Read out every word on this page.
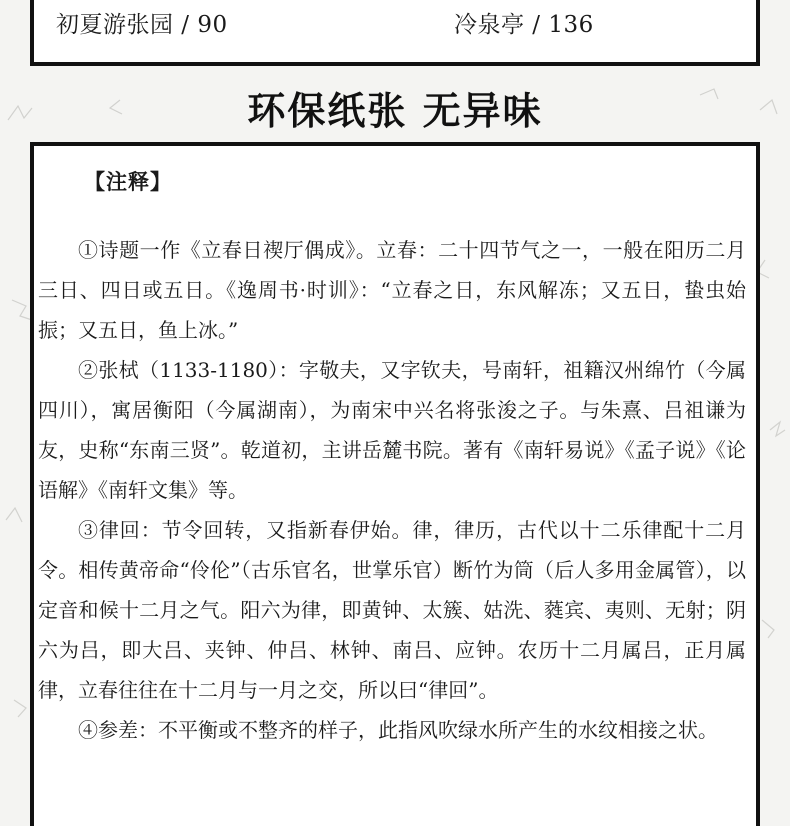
初夏游张园 / 90	冷泉亭 / 136
环保纸张 无异味
【注释】

①诗题一作《立春日禊厅偶成》。立春：二十四节气之一，一般在阳历二月三日、四日或五日。《逸周书·时训》：“立春之日，东风解冻；又五日，蛰虫始振；又五日，鱼上冰。”

②张栻（1133-1180）：字敬夫，又字钦夫，号南轩，祖籍汉州绵竹（今属四川），寓居衡阳（今属湖南），为南宋中兴名将张浚之子。与朱熹、吕祖谦为友，史称“东南三贤”。乾道初，主讲岳麓书院。著有《南轩易说》《孟子说》《论语解》《南轩文集》等。

③律回：节令回转，又指新春伊始。律，律历，古代以十二乐律配十二月令。相传黄帝命“伶伦”（古乐官名，世掌乐官）断竹为筒（后人多用金属管），以定音和候十二月之气。阳六为律，即黄钟、太簇、姑洗、蕤宾、夷则、无射；阴六为吕，即大吕、夹钟、仲吕、林钟、南吕、应钟。农历十二月属吕，正月属律，立春往往在十二月与一月之交，所以曰“律回”。

④参差：不平衡或不整齐的样子，此指风吹绿水所产生的水纹相接之状。
